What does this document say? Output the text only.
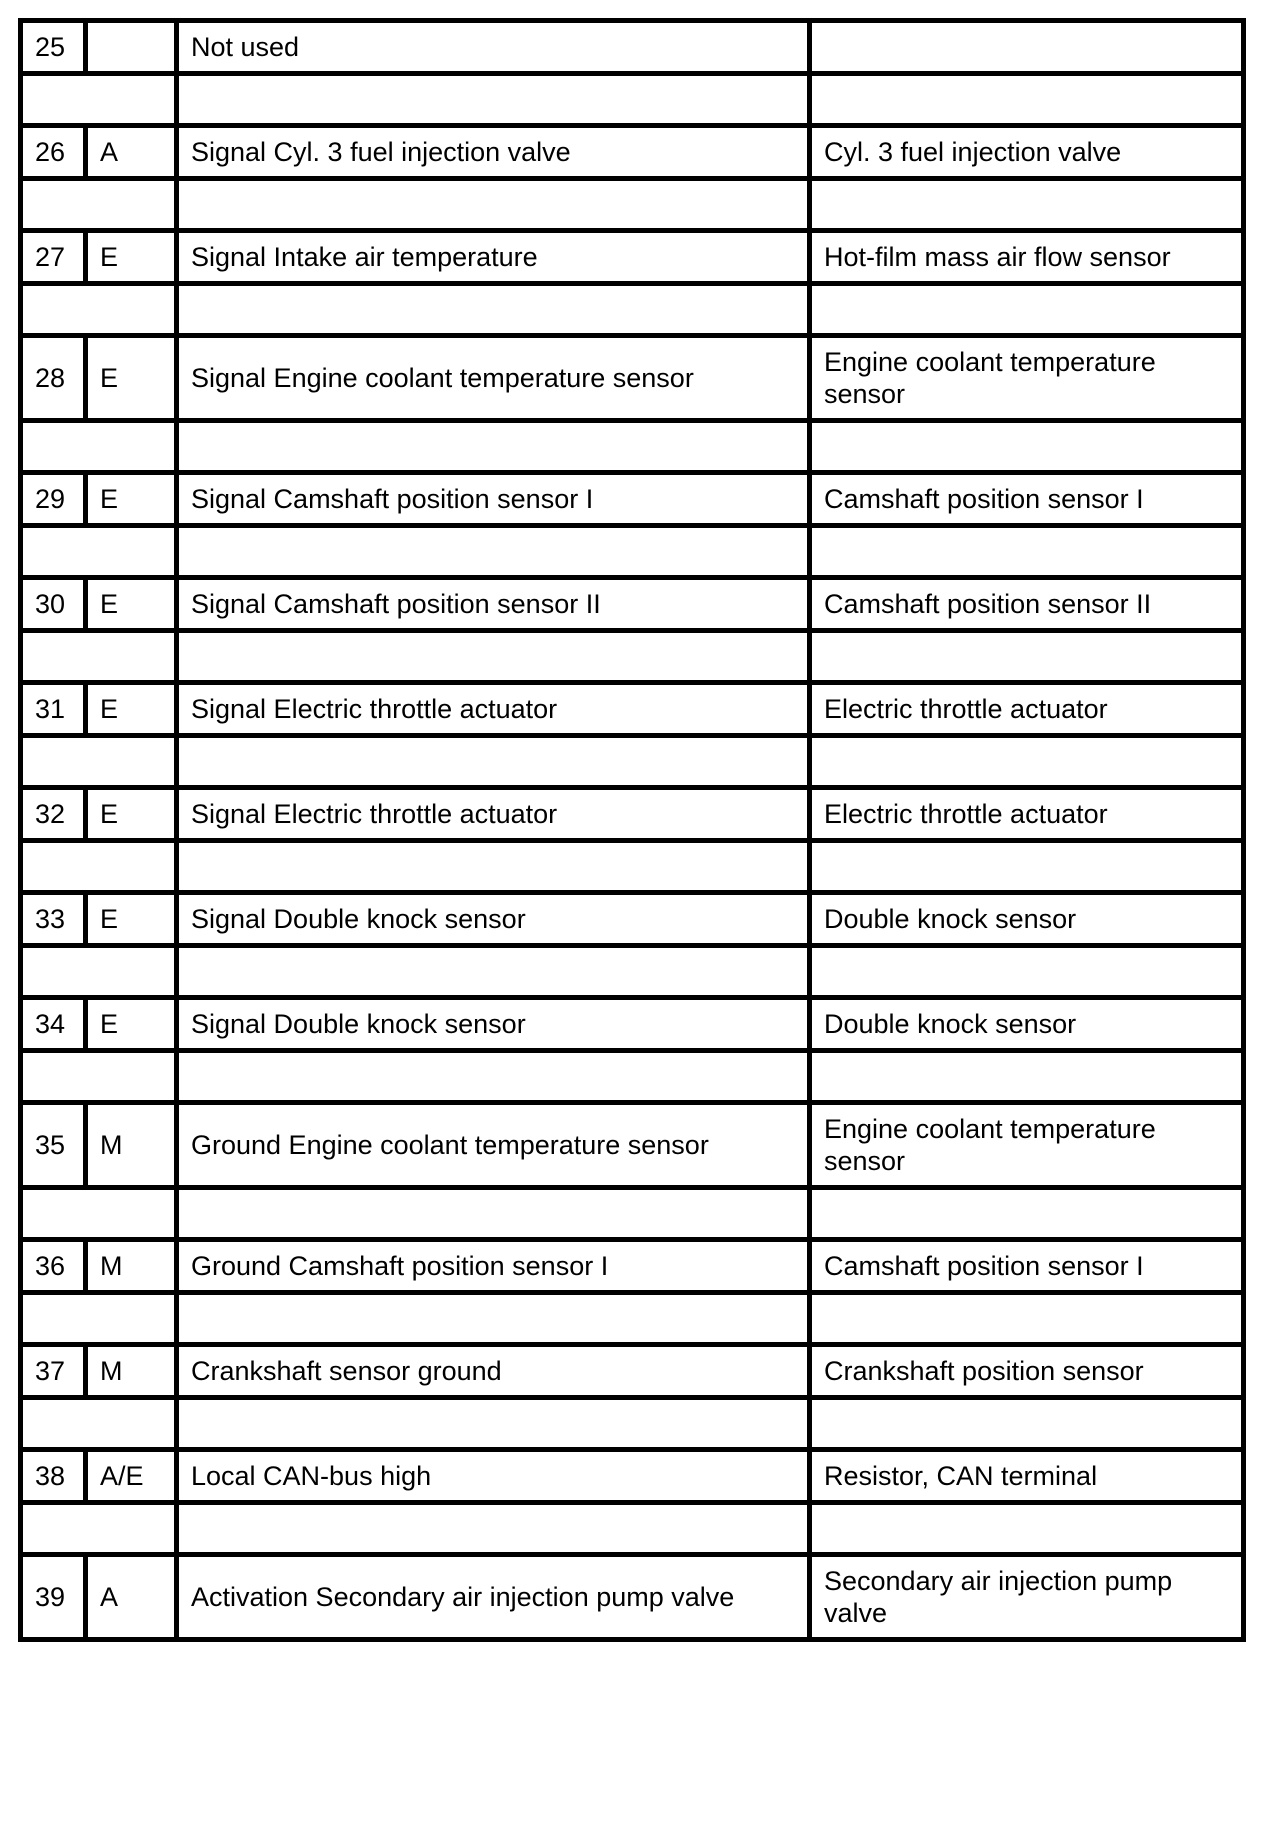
25		Not used	

26	A	Signal Cyl. 3 fuel injection valve	Cyl. 3 fuel injection valve

27	E	Signal Intake air temperature	Hot-film mass air flow sensor

28	E	Signal Engine coolant temperature sensor	Engine coolant temperature sensor

29	E	Signal Camshaft position sensor I	Camshaft position sensor I

30	E	Signal Camshaft position sensor II	Camshaft position sensor II

31	E	Signal Electric throttle actuator	Electric throttle actuator

32	E	Signal Electric throttle actuator	Electric throttle actuator

33	E	Signal Double knock sensor	Double knock sensor

34	E	Signal Double knock sensor	Double knock sensor

35	M	Ground Engine coolant temperature sensor	Engine coolant temperature sensor

36	M	Ground Camshaft position sensor I	Camshaft position sensor I

37	M	Crankshaft sensor ground	Crankshaft position sensor

38	A/E	Local CAN-bus high	Resistor, CAN terminal

39	A	Activation Secondary air injection pump valve	Secondary air injection pump valve
